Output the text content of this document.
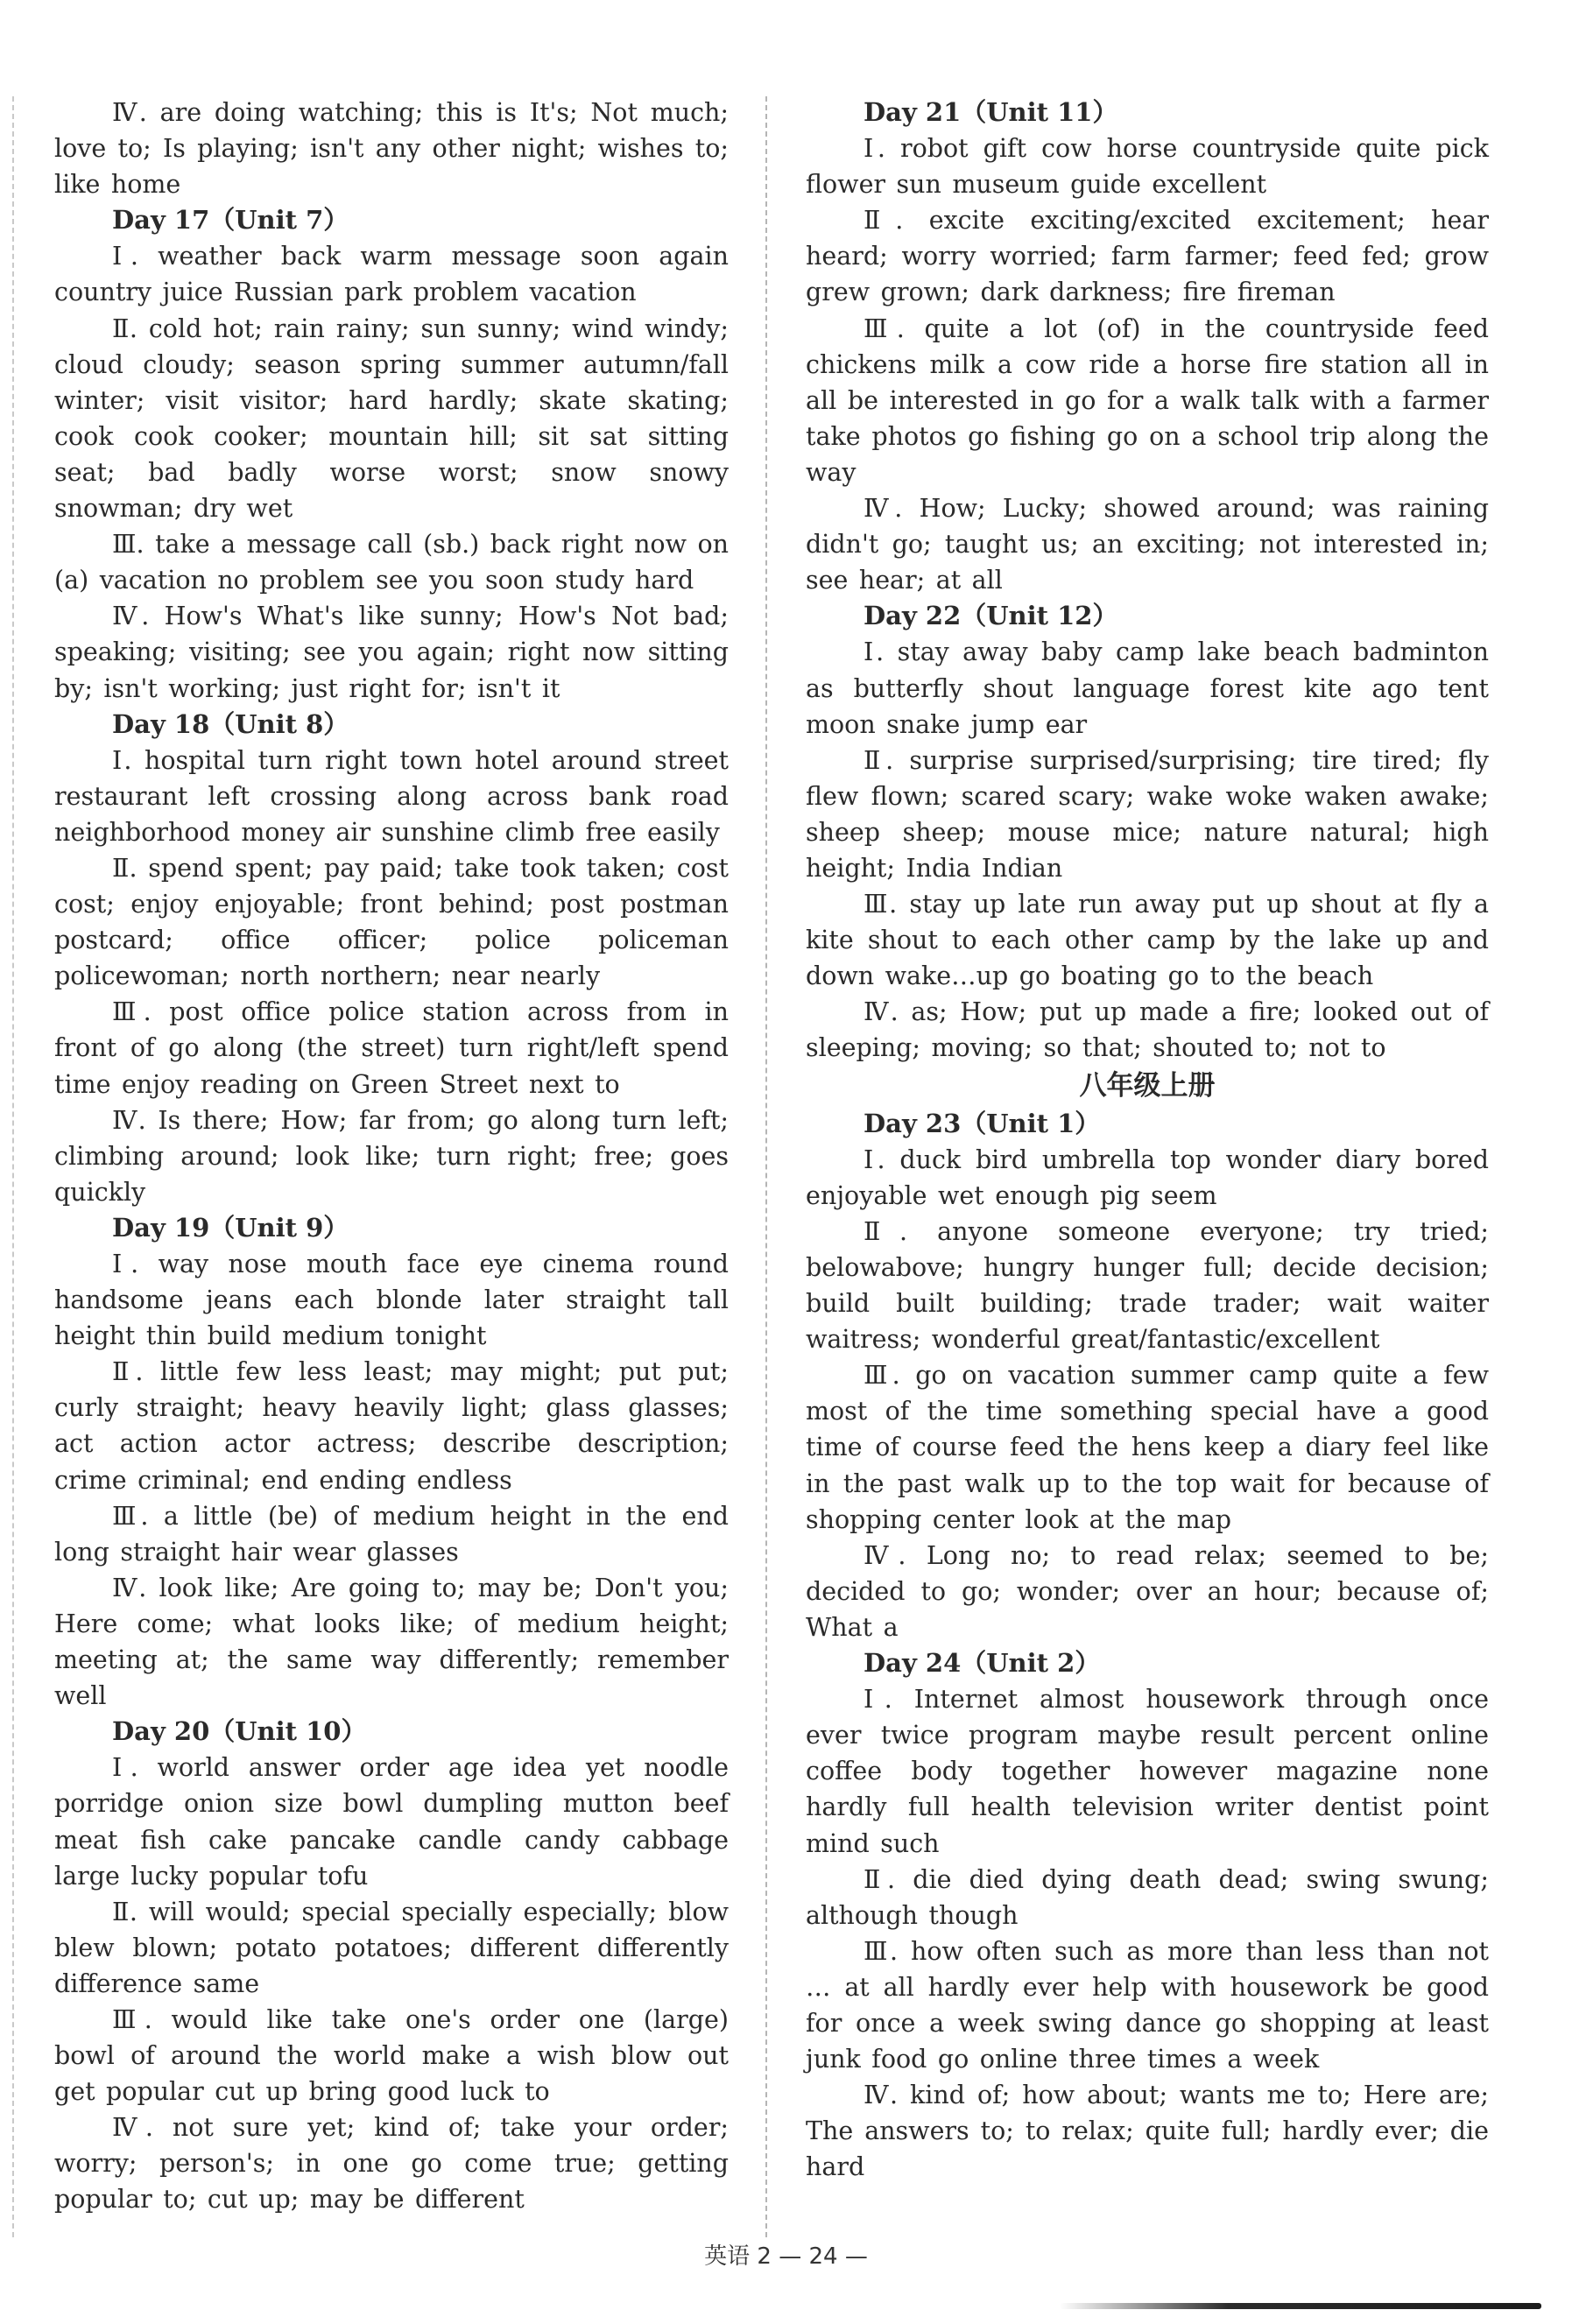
Ⅳ. are doing watching; this is It's; Not much; love to; Is playing; isn't any other night; wishes to; like home
Day 17（Unit 7）
Ⅰ. weather back warm message soon again country juice Russian park problem vacation
Ⅱ. cold hot; rain rainy; sun sunny; wind windy; cloud cloudy; season spring summer autumn/fall winter; visit visitor; hard hardly; skate skating; cook cook cooker; mountain hill; sit sat sitting seat; bad badly worse worst; snow snowy snowman; dry wet
Ⅲ. take a message call (sb.) back right now on (a) vacation no problem see you soon study hard
Ⅳ. How's What's like sunny; How's Not bad; speaking; visiting; see you again; right now sitting by; isn't working; just right for; isn't it
Day 18（Unit 8）
Ⅰ. hospital turn right town hotel around street restaurant left crossing along across bank road neighborhood money air sunshine climb free easily
Ⅱ. spend spent; pay paid; take took taken; cost cost; enjoy enjoyable; front behind; post postman postcard; office officer; police policeman policewoman; north northern; near nearly
Ⅲ. post office police station across from in front of go along (the street) turn right/left spend time enjoy reading on Green Street next to
Ⅳ. Is there; How; far from; go along turn left; climbing around; look like; turn right; free; goes quickly
Day 19（Unit 9）
Ⅰ. way nose mouth face eye cinema round handsome jeans each blonde later straight tall height thin build medium tonight
Ⅱ. little few less least; may might; put put; curly straight; heavy heavily light; glass glasses; act action actor actress; describe description; crime criminal; end ending endless
Ⅲ. a little (be) of medium height in the end long straight hair wear glasses
Ⅳ. look like; Are going to; may be; Don't you; Here come; what looks like; of medium height; meeting at; the same way differently; remember well
Day 20（Unit 10）
Ⅰ. world answer order age idea yet noodle porridge onion size bowl dumpling mutton beef meat fish cake pancake candle candy cabbage large lucky popular tofu
Ⅱ. will would; special specially especially; blow blew blown; potato potatoes; different differently difference same
Ⅲ. would like take one's order one (large) bowl of around the world make a wish blow out get popular cut up bring good luck to
Ⅳ. not sure yet; kind of; take your order; worry; person's; in one go come true; getting popular to; cut up; may be different
Day 21（Unit 11）
Ⅰ. robot gift cow horse countryside quite pick flower sun museum guide excellent
Ⅱ. excite exciting/excited excitement; hear heard; worry worried; farm farmer; feed fed; grow grew grown; dark darkness; fire fireman
Ⅲ. quite a lot (of) in the countryside feed chickens milk a cow ride a horse fire station all in all be interested in go for a walk talk with a farmer take photos go fishing go on a school trip along the way
Ⅳ. How; Lucky; showed around; was raining didn't go; taught us; an exciting; not interested in; see hear; at all
Day 22（Unit 12）
Ⅰ. stay away baby camp lake beach badminton as butterfly shout language forest kite ago tent moon snake jump ear
Ⅱ. surprise surprised/surprising; tire tired; fly flew flown; scared scary; wake woke waken awake; sheep sheep; mouse mice; nature natural; high height; India Indian
Ⅲ. stay up late run away put up shout at fly a kite shout to each other camp by the lake up and down wake…up go boating go to the beach
Ⅳ. as; How; put up made a fire; looked out of sleeping; moving; so that; shouted to; not to
八年级上册
Day 23（Unit 1）
Ⅰ. duck bird umbrella top wonder diary bored enjoyable wet enough pig seem
Ⅱ. anyone someone everyone; try tried; belowabove; hungry hunger full; decide decision; build built building; trade trader; wait waiter waitress; wonderful great/fantastic/excellent
Ⅲ. go on vacation summer camp quite a few most of the time something special have a good time of course feed the hens keep a diary feel like in the past walk up to the top wait for because of shopping center look at the map
Ⅳ. Long no; to read relax; seemed to be; decided to go; wonder; over an hour; because of; What a
Day 24（Unit 2）
Ⅰ. Internet almost housework through once ever twice program maybe result percent online coffee body together however magazine none hardly full health television writer dentist point mind such
Ⅱ. die died dying death dead; swing swung; although though
Ⅲ. how often such as more than less than not … at all hardly ever help with housework be good for once a week swing dance go shopping at least junk food go online three times a week
Ⅳ. kind of; how about; wants me to; Here are; The answers to; to relax; quite full; hardly ever; die hard
英语 2 — 24 —
